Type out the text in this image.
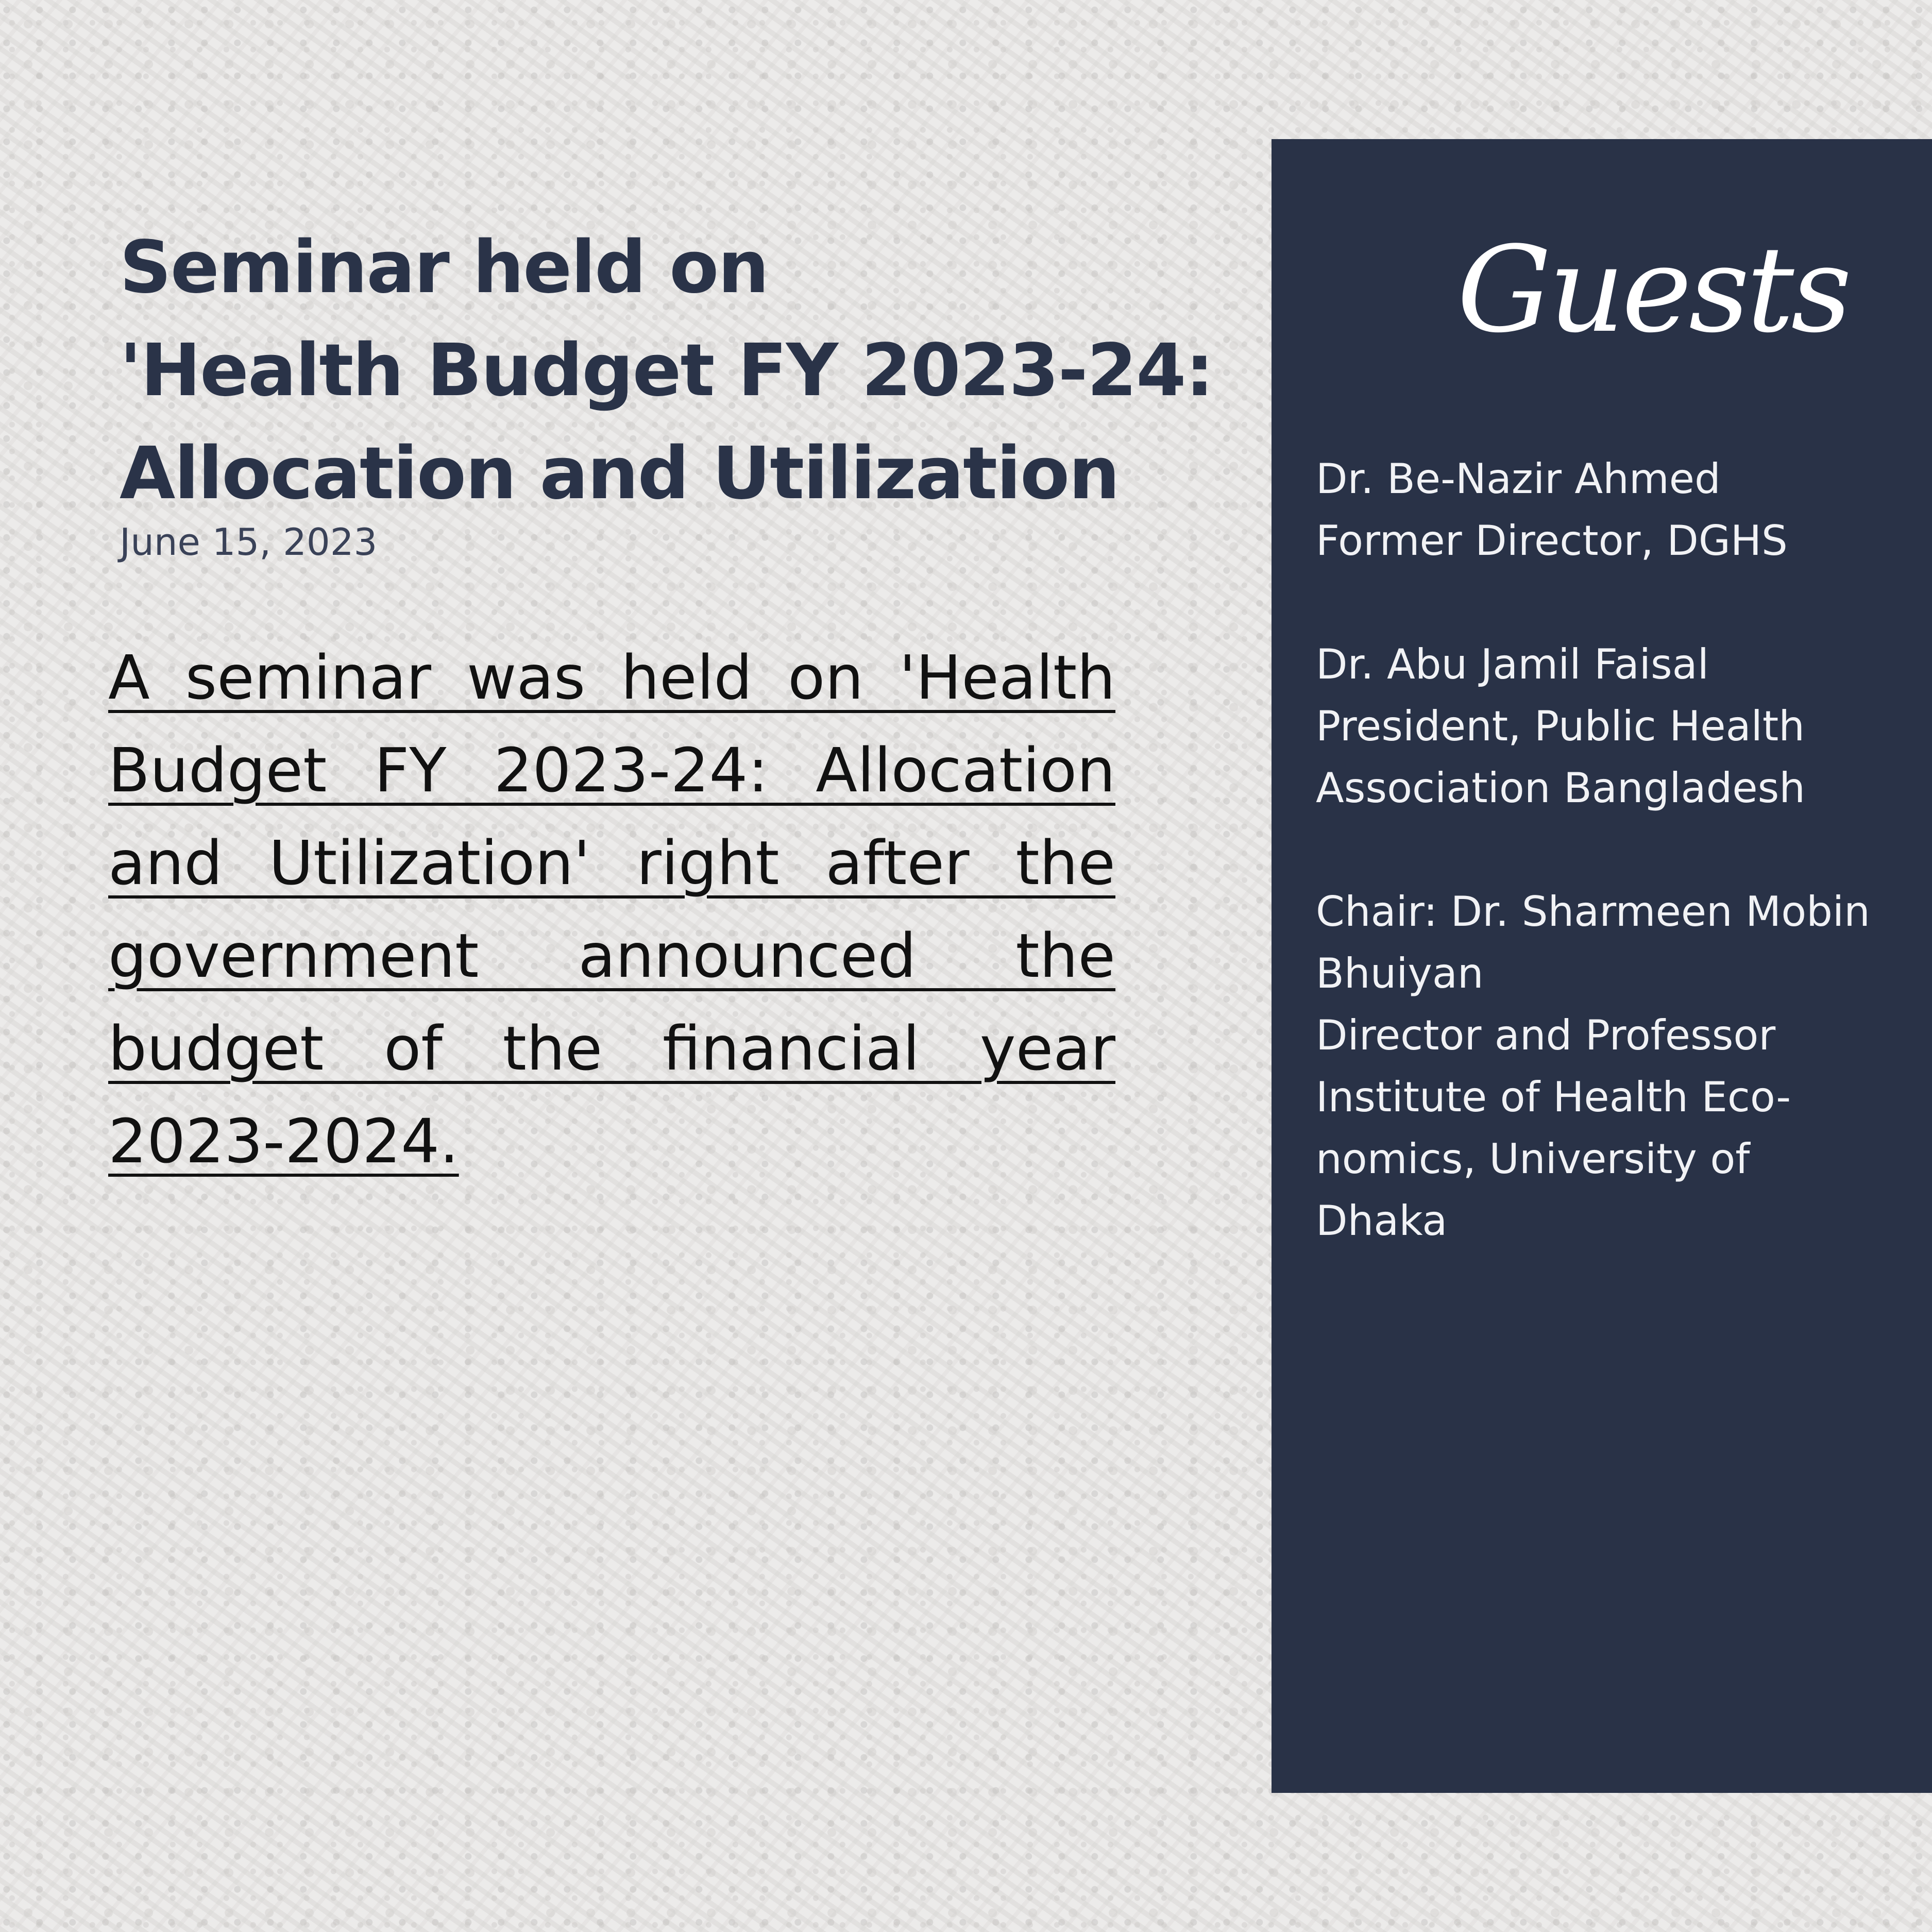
Seminar held on
'Health Budget FY 2023-24:
Allocation and Utilization
June 15, 2023
A seminar was held on 'Health Budget FY 2023-24: Allocation and Utilization' right after the government announced the budget of the financial year 2023-2024.
Guests
Dr. Be-Nazir Ahmed
Former Director, DGHS
Dr. Abu Jamil Faisal
President, Public Health
Association Bangladesh
Chair: Dr. Sharmeen Mobin
Bhuiyan
Director and Professor
Institute of Health Eco-
nomics, University of
Dhaka
